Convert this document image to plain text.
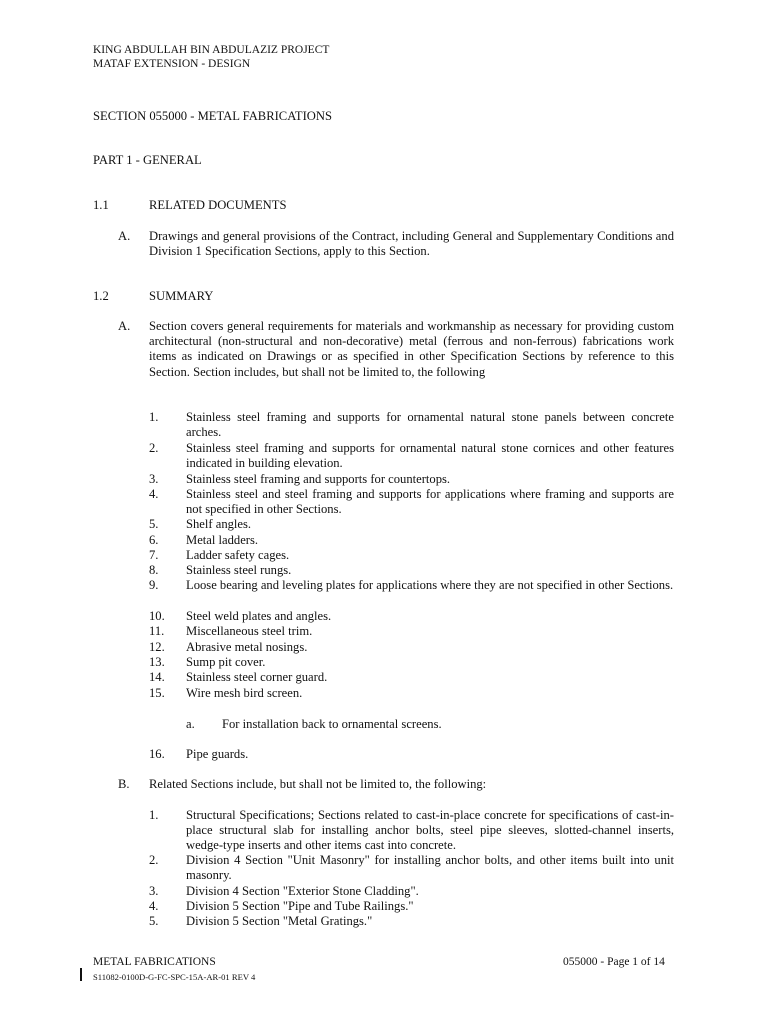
KING ABDULLAH BIN ABDULAZIZ PROJECT
MATAF EXTENSION - DESIGN
SECTION 055000 - METAL FABRICATIONS
PART 1 - GENERAL
1.1	RELATED DOCUMENTS
A. Drawings and general provisions of the Contract, including General and Supplementary Conditions and Division 1 Specification Sections, apply to this Section.
1.2	SUMMARY
A. Section covers general requirements for materials and workmanship as necessary for providing custom architectural (non-structural and non-decorative) metal (ferrous and non-ferrous) fabrications work items as indicated on Drawings or as specified in other Specification Sections by reference to this Section. Section includes, but shall not be limited to, the following
1. Stainless steel framing and supports for ornamental natural stone panels between concrete arches.
2. Stainless steel framing and supports for ornamental natural stone cornices and other features indicated in building elevation.
3. Stainless steel framing and supports for countertops.
4. Stainless steel and steel framing and supports for applications where framing and supports are not specified in other Sections.
5. Shelf angles.
6. Metal ladders.
7. Ladder safety cages.
8. Stainless steel rungs.
9. Loose bearing and leveling plates for applications where they are not specified in other Sections.
10. Steel weld plates and angles.
11. Miscellaneous steel trim.
12. Abrasive metal nosings.
13. Sump pit cover.
14. Stainless steel corner guard.
15. Wire mesh bird screen.
a. For installation back to ornamental screens.
16. Pipe guards.
B. Related Sections include, but shall not be limited to, the following:
1. Structural Specifications; Sections related to cast-in-place concrete for specifications of cast-in-place structural slab for installing anchor bolts, steel pipe sleeves, slotted-channel inserts, wedge-type inserts and other items cast into concrete.
2. Division 4 Section "Unit Masonry" for installing anchor bolts, and other items built into unit masonry.
3. Division 4 Section "Exterior Stone Cladding".
4. Division 5 Section "Pipe and Tube Railings."
5. Division 5 Section "Metal Gratings."
METAL FABRICATIONS	055000 - Page 1 of 14
S11082-0100D-G-FC-SPC-15A-AR-01 REV 4
